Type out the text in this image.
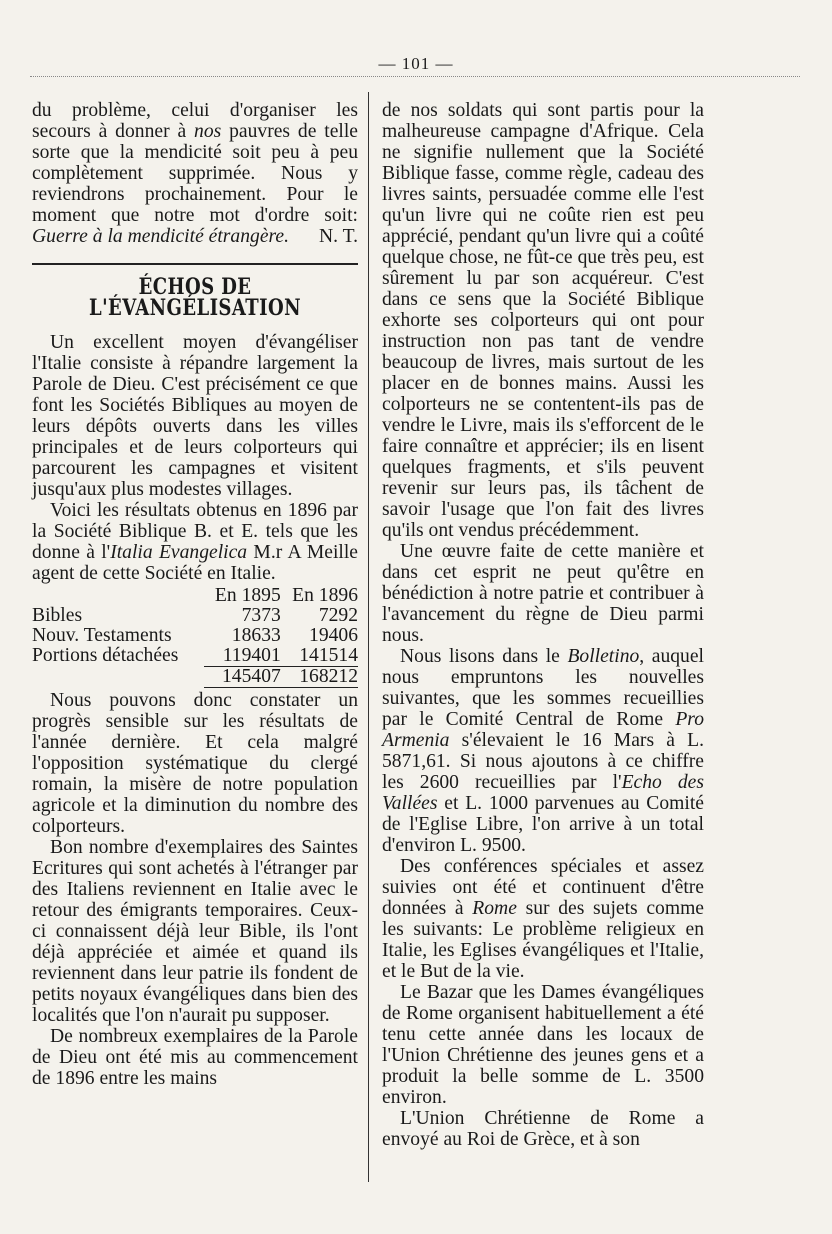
— 101 —

du problème, celui d'organiser les secours à donner à nos pauvres de telle sorte que la mendicité soit peu à peu complètement supprimée. Nous y reviendrons prochainement. Pour le moment que notre mot d'ordre soit: Guerre à la mendicité étrangère. N. T.

ÉCHOS DE L'ÉVANGÉLISATION

Un excellent moyen d'évangéliser l'Italie consiste à répandre largement la Parole de Dieu. C'est précisément ce que font les Sociétés Bibliques au moyen de leurs dépôts ouverts dans les villes principales et de leurs colporteurs qui parcourent les campagnes et visitent jusqu'aux plus modestes villages.

Voici les résultats obtenus en 1896 par la Société Biblique B. et E. tels que les donne à l'Italia Evangelica M.r A Meille agent de cette Société en Italie.

	En 1895	En 1896
Bibles	7373	7292
Nouv. Testaments	18633	19406
Portions détachées	119401	141514
	145407	168212

Nous pouvons donc constater un progrès sensible sur les résultats de l'année dernière. Et cela malgré l'opposition systématique du clergé romain, la misère de notre population agricole et la diminution du nombre des colporteurs.

Bon nombre d'exemplaires des Saintes Ecritures qui sont achetés à l'étranger par des Italiens reviennent en Italie avec le retour des émigrants temporaires. Ceux-ci connaissent déjà leur Bible, ils l'ont déjà appréciée et aimée et quand ils reviennent dans leur patrie ils fondent de petits noyaux évangéliques dans bien des localités que l'on n'aurait pu supposer.

De nombreux exemplaires de la Parole de Dieu ont été mis au commencement de 1896 entre les mains

de nos soldats qui sont partis pour la malheureuse campagne d'Afrique. Cela ne signifie nullement que la Société Biblique fasse, comme règle, cadeau des livres saints, persuadée comme elle l'est qu'un livre qui ne coûte rien est peu apprécié, pendant qu'un livre qui a coûté quelque chose, ne fût-ce que très peu, est sûrement lu par son acquéreur. C'est dans ce sens que la Société Biblique exhorte ses colporteurs qui ont pour instruction non pas tant de vendre beaucoup de livres, mais surtout de les placer en de bonnes mains. Aussi les colporteurs ne se contentent-ils pas de vendre le Livre, mais ils s'efforcent de le faire connaître et apprécier; ils en lisent quelques fragments, et s'ils peuvent revenir sur leurs pas, ils tâchent de savoir l'usage que l'on fait des livres qu'ils ont vendus précédemment.

Une œuvre faite de cette manière et dans cet esprit ne peut qu'être en bénédiction à notre patrie et contribuer à l'avancement du règne de Dieu parmi nous.

Nous lisons dans le Bolletino, auquel nous empruntons les nouvelles suivantes, que les sommes recueillies par le Comité Central de Rome Pro Armenia s'élevaient le 16 Mars à L. 5871,61. Si nous ajoutons à ce chiffre les 2600 recueillies par l'Echo des Vallées et L. 1000 parvenues au Comité de l'Eglise Libre, l'on arrive à un total d'environ L. 9500.

Des conférences spéciales et assez suivies ont été et continuent d'être données à Rome sur des sujets comme les suivants: Le problème religieux en Italie, les Eglises évangéliques et l'Italie, et le But de la vie.

Le Bazar que les Dames évangéliques de Rome organisent habituellement a été tenu cette année dans les locaux de l'Union Chrétienne des jeunes gens et a produit la belle somme de L. 3500 environ.

L'Union Chrétienne de Rome a envoyé au Roi de Grèce, et à son
